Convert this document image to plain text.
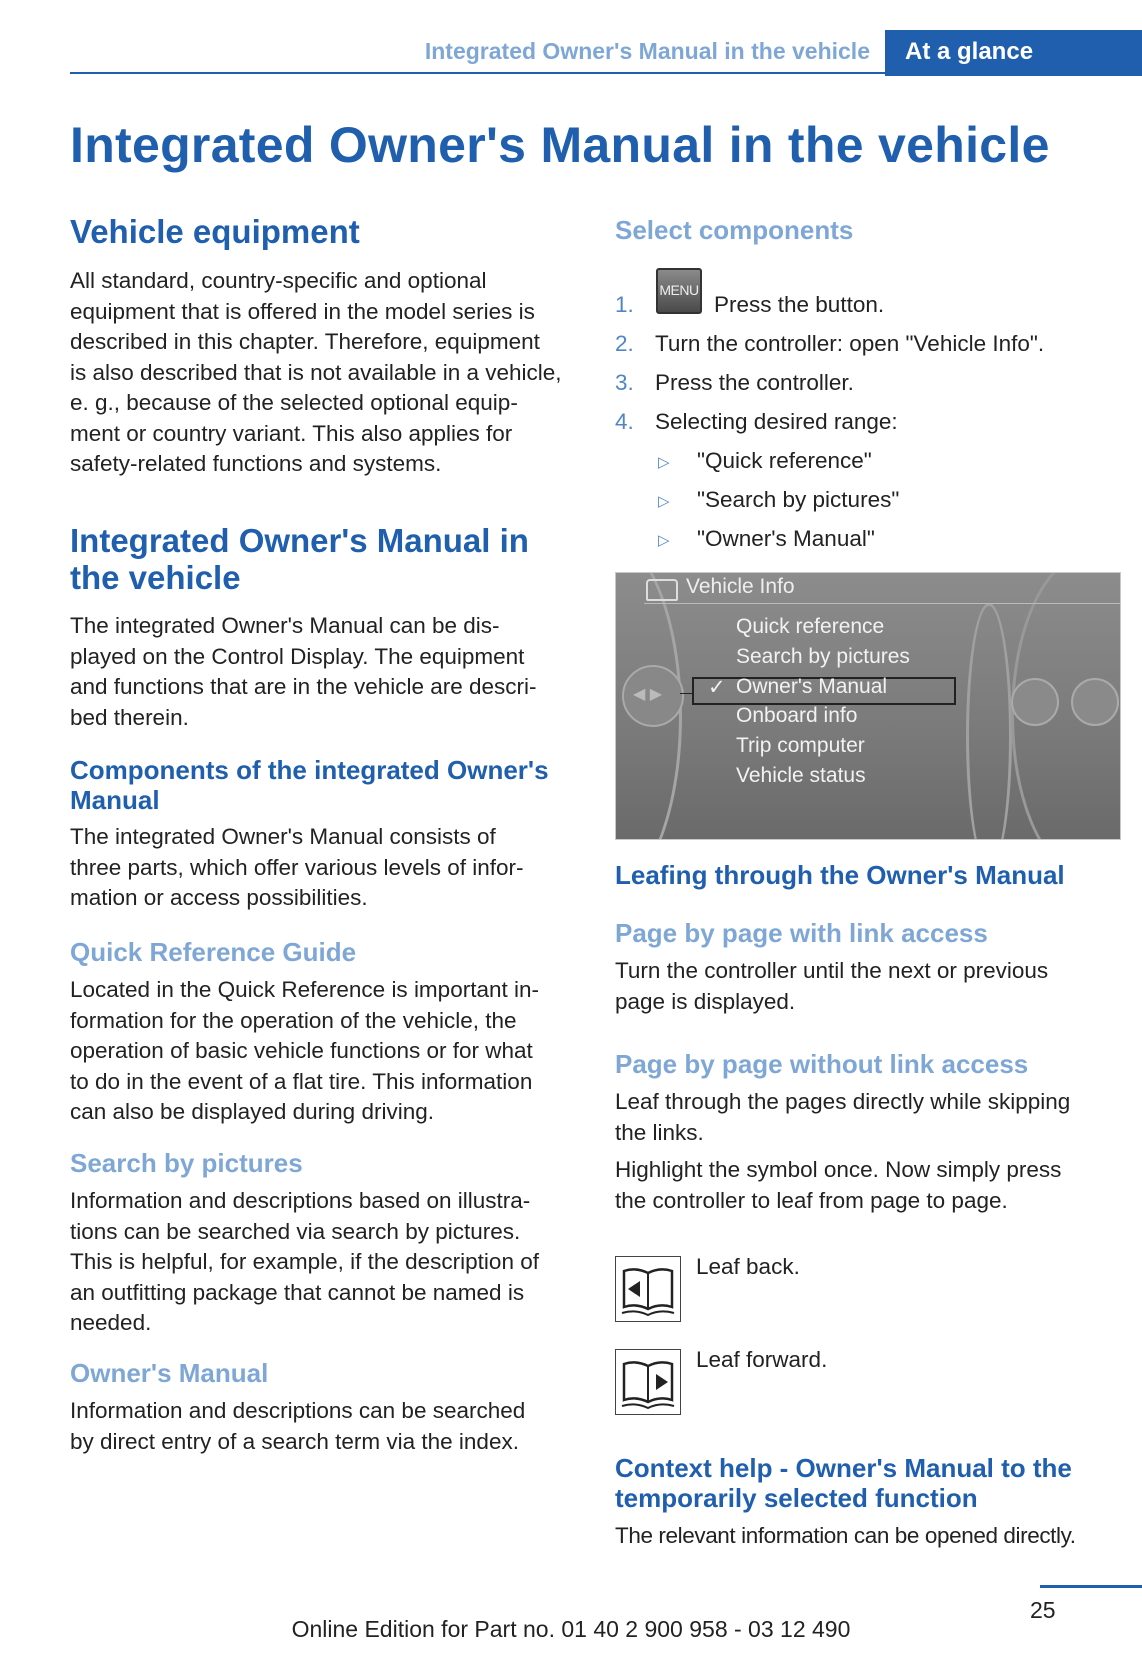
Integrated Owner's Manual in the vehicle	At a glance
Integrated Owner's Manual in the vehicle
Vehicle equipment
All standard, country-specific and optional
equipment that is offered in the model series is
described in this chapter. Therefore, equipment
is also described that is not available in a vehicle,
e. g., because of the selected optional equip‐
ment or country variant. This also applies for
safety-related functions and systems.
Integrated Owner's Manual in
the vehicle
The integrated Owner's Manual can be dis‐
played on the Control Display. The equipment
and functions that are in the vehicle are descri‐
bed therein.
Components of the integrated Owner's
Manual
The integrated Owner's Manual consists of
three parts, which offer various levels of infor‐
mation or access possibilities.
Quick Reference Guide
Located in the Quick Reference is important in‐
formation for the operation of the vehicle, the
operation of basic vehicle functions or for what
to do in the event of a flat tire. This information
can also be displayed during driving.
Search by pictures
Information and descriptions based on illustra‐
tions can be searched via search by pictures.
This is helpful, for example, if the description of
an outfitting package that cannot be named is
needed.
Owner's Manual
Information and descriptions can be searched
by direct entry of a search term via the index.
Select components
MENU
1.	Press the button.
2. Turn the controller: open "Vehicle Info".
3. Press the controller.
4. Selecting desired range:
▷ "Quick reference"
▷ "Search by pictures"
▷ "Owner's Manual"
◀ ▶
Vehicle Info
Quick reference
Search by pictures
✓ Owner's Manual
Onboard info
Trip computer
Vehicle status
Leafing through the Owner's Manual
Page by page with link access
Turn the controller until the next or previous
page is displayed.
Page by page without link access
Leaf through the pages directly while skipping
the links.
Highlight the symbol once. Now simply press
the controller to leaf from page to page.
Leaf back.
Leaf forward.
Context help - Owner's Manual to the
temporarily selected function
The relevant information can be opened directly.
25
Online Edition for Part no. 01 40 2 900 958 - 03 12 490
